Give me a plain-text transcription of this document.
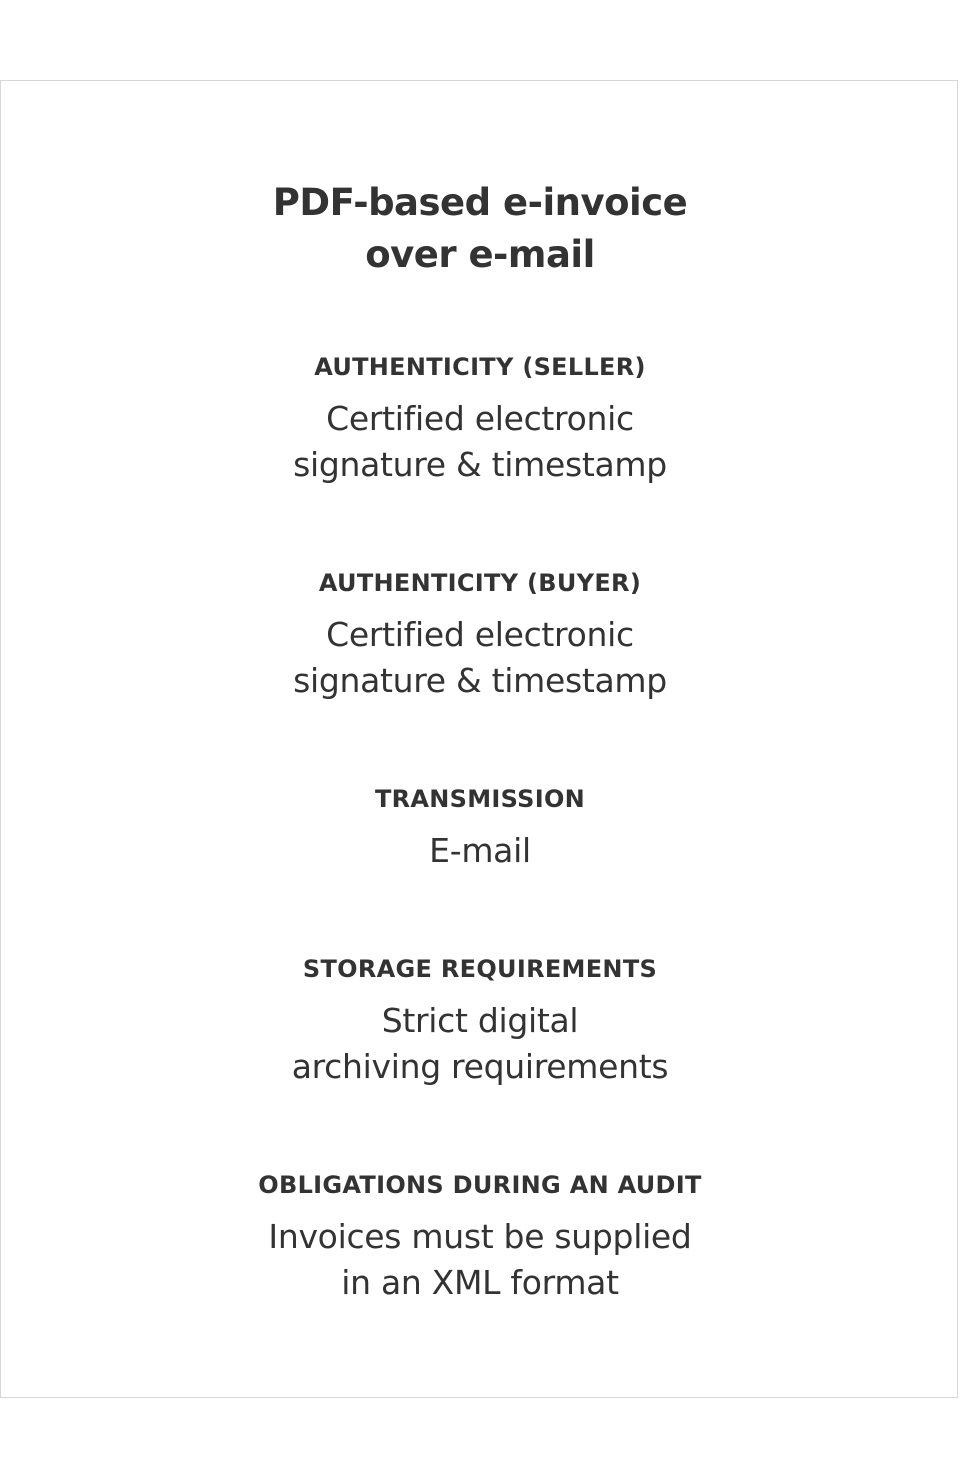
PDF-based e-invoice
over e-mail
AUTHENTICITY (SELLER)
Certified electronic
signature & timestamp
AUTHENTICITY (BUYER)
Certified electronic
signature & timestamp
TRANSMISSION
E-mail
STORAGE REQUIREMENTS
Strict digital
archiving requirements
OBLIGATIONS DURING AN AUDIT
Invoices must be supplied
in an XML format
